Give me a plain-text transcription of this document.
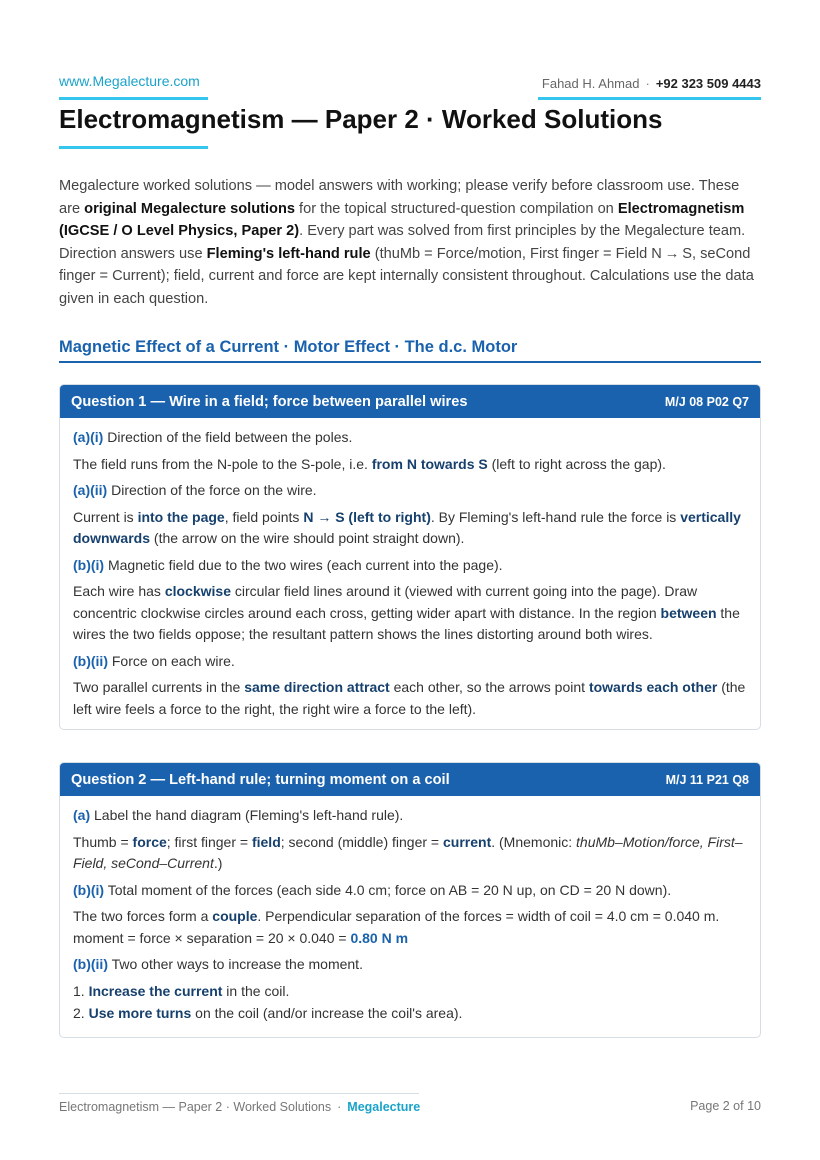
www.Megalecture.com	Fahad H. Ahmad · +92 323 509 4443
Electromagnetism — Paper 2 · Worked Solutions

Megalecture worked solutions — model answers with working; please verify before classroom use. These are original Megalecture solutions for the topical structured-question compilation on Electromagnetism (IGCSE / O Level Physics, Paper 2). Every part was solved from first principles by the Megalecture team. Direction answers use Fleming's left-hand rule (thuMb = Force/motion, First finger = Field N → S, seCond finger = Current); field, current and force are kept internally consistent throughout. Calculations use the data given in each question.

Magnetic Effect of a Current · Motor Effect · The d.c. Motor
Question 1 — Wire in a field; force between parallel wires	M/J 08 P02 Q7

(a)(i) Direction of the field between the poles.

The field runs from the N-pole to the S-pole, i.e. from N towards S (left to right across the gap).

(a)(ii) Direction of the force on the wire.

Current is into the page, field points N → S (left to right). By Fleming's left-hand rule the force is vertically downwards (the arrow on the wire should point straight down).

(b)(i) Magnetic field due to the two wires (each current into the page).

Each wire has clockwise circular field lines around it (viewed with current going into the page). Draw concentric clockwise circles around each cross, getting wider apart with distance. In the region between the wires the two fields oppose; the resultant pattern shows the lines distorting around both wires.

(b)(ii) Force on each wire.

Two parallel currents in the same direction attract each other, so the arrows point towards each other (the left wire feels a force to the right, the right wire a force to the left).

Question 2 — Left-hand rule; turning moment on a coil	M/J 11 P21 Q8

(a) Label the hand diagram (Fleming's left-hand rule).

Thumb = force; first finger = field; second (middle) finger = current. (Mnemonic: thuMb–Motion/force, First–Field, seCond–Current.)

(b)(i) Total moment of the forces (each side 4.0 cm; force on AB = 20 N up, on CD = 20 N down).

The two forces form a couple. Perpendicular separation of the forces = width of coil = 4.0 cm = 0.040 m.
moment = force × separation = 20 × 0.040 = 0.80 N m

(b)(ii) Two other ways to increase the moment.

1. Increase the current in the coil.

2. Use more turns on the coil (and/or increase the coil's area).

Electromagnetism — Paper 2 · Worked Solutions · Megalecture	Page 2 of 10
